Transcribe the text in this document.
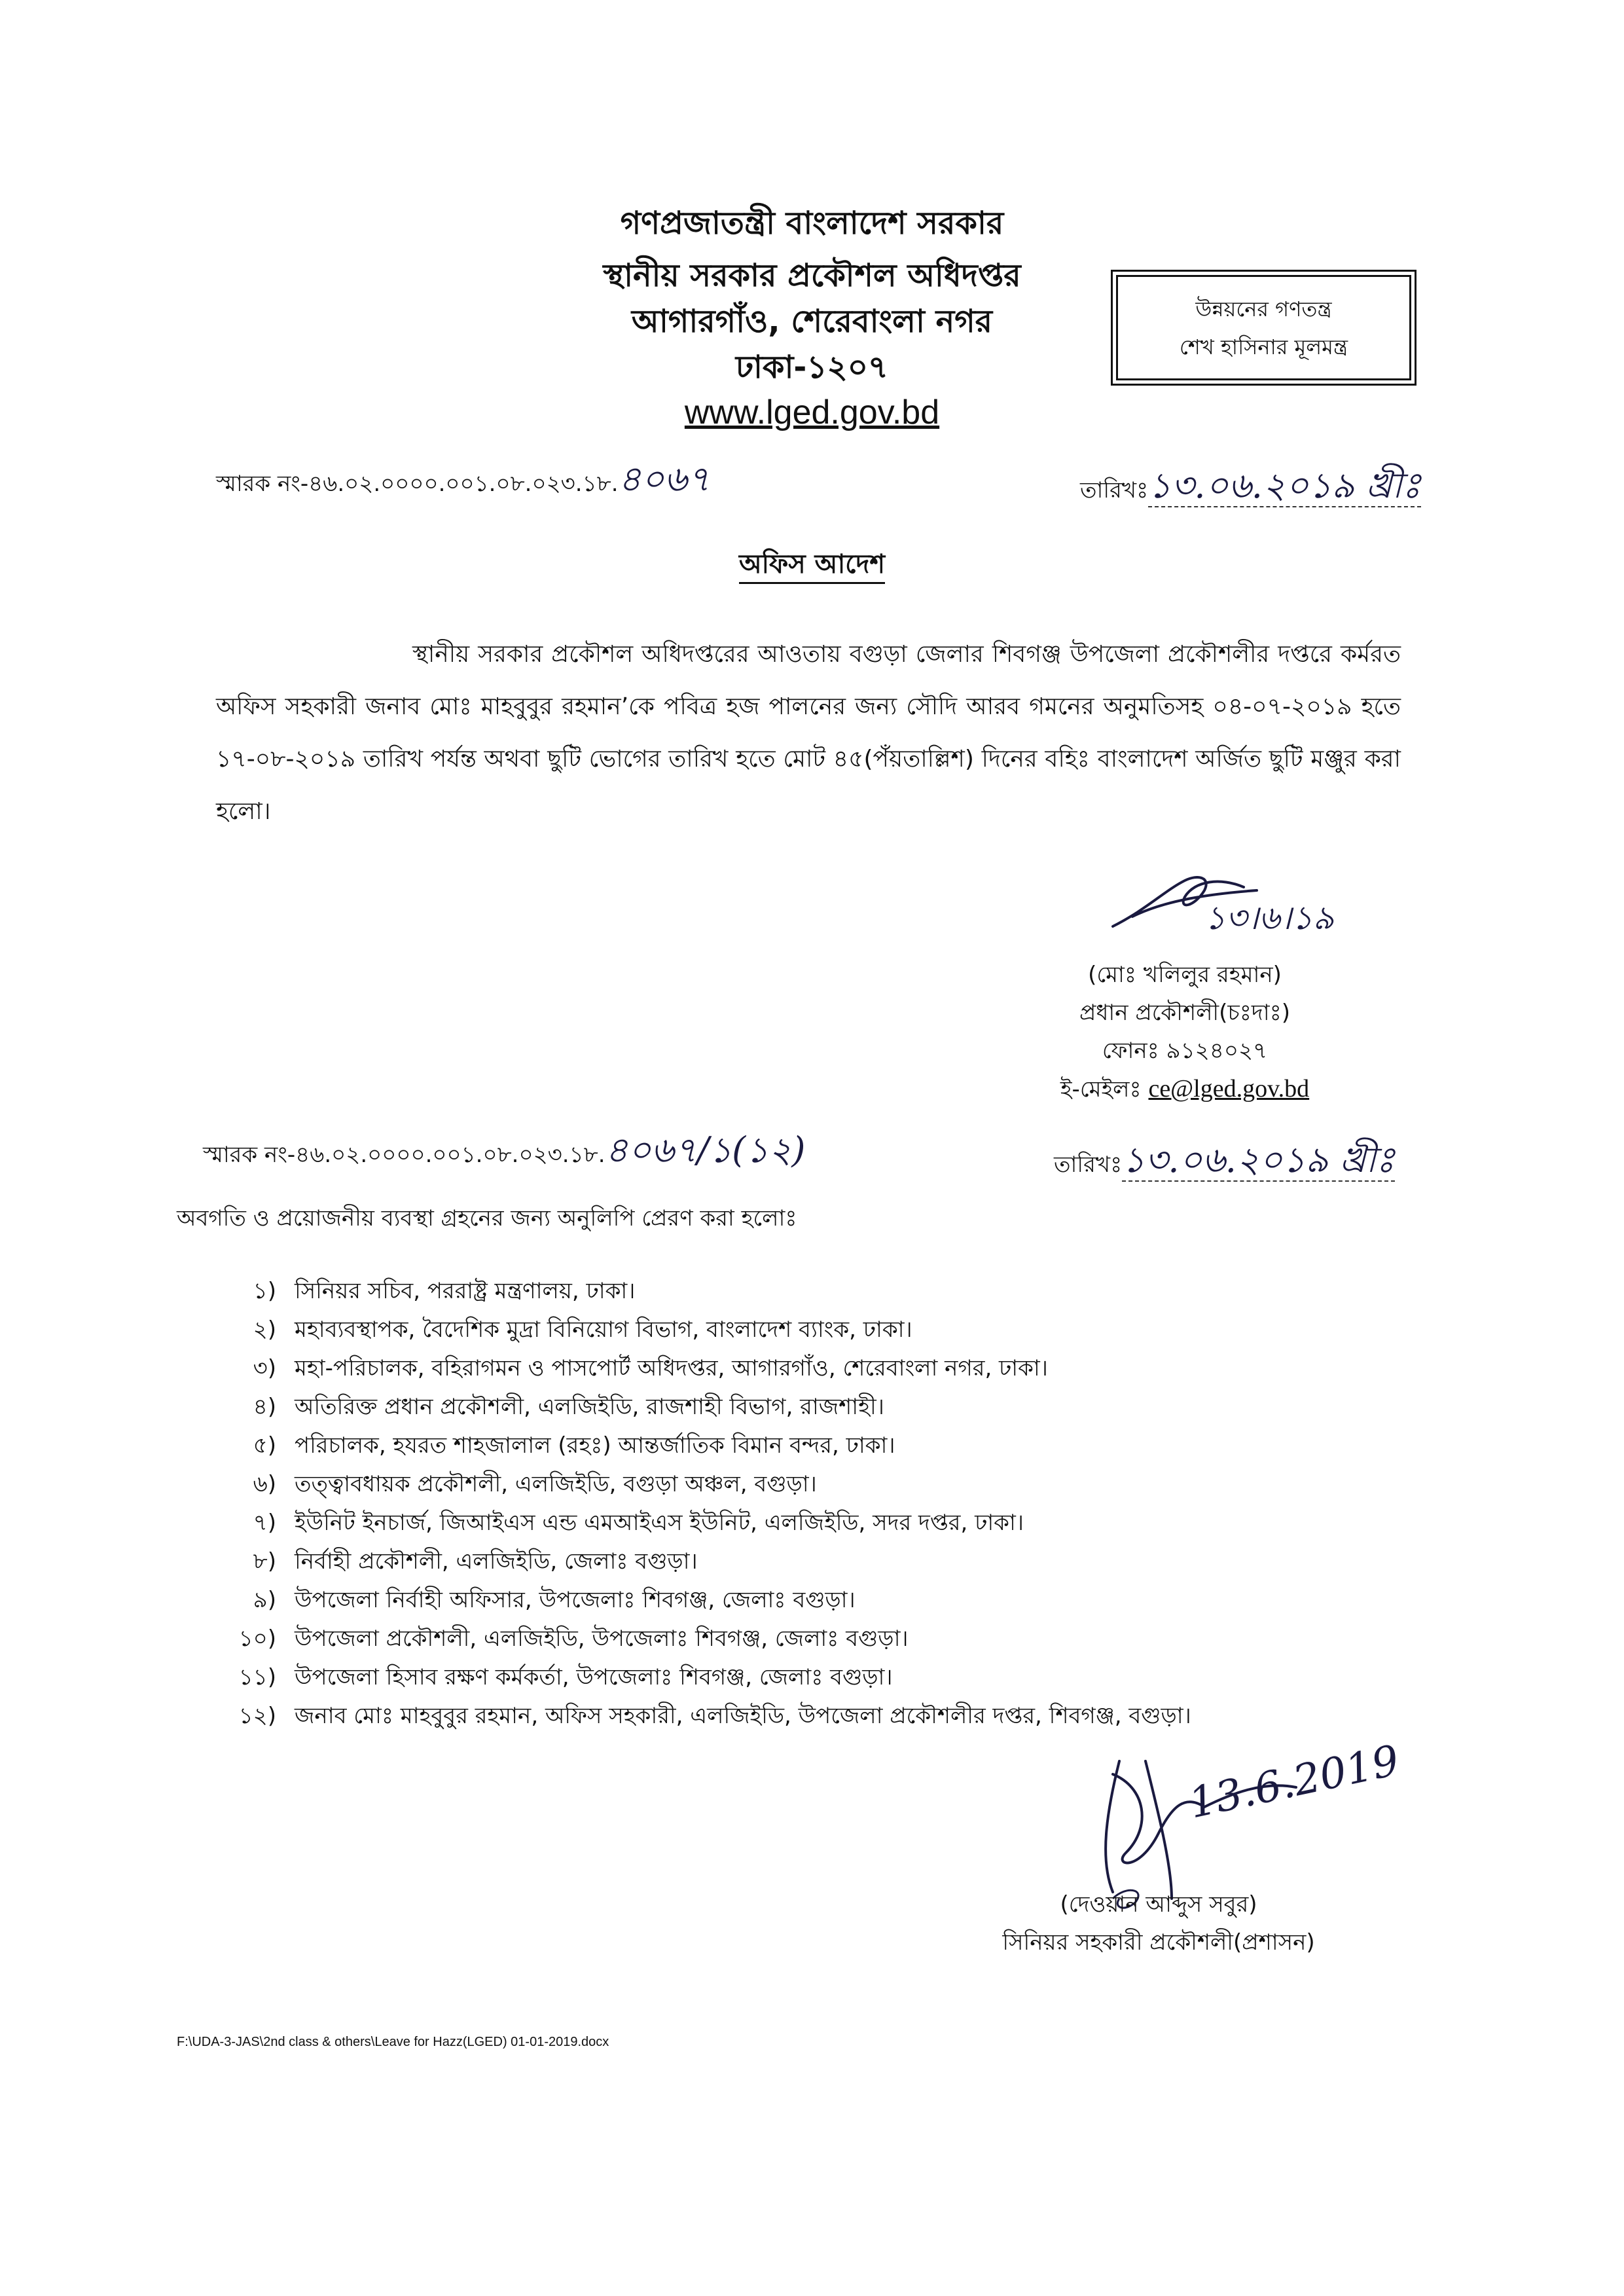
গণপ্রজাতন্ত্রী বাংলাদেশ সরকার
স্থানীয় সরকার প্রকৌশল অধিদপ্তর
আগারগাঁও, শেরেবাংলা নগর
ঢাকা-১২০৭
www.lged.gov.bd
উন্নয়নের গণতন্ত্র
শেখ হাসিনার মূলমন্ত্র
স্মারক নং-৪৬.০২.০০০০.০০১.০৮.০২৩.১৮.৪০৬৭	তারিখঃ১৩.০৬.২০১৯ খ্রীঃ
অফিস আদেশ
স্থানীয় সরকার প্রকৌশল অধিদপ্তরের আওতায় বগুড়া জেলার শিবগঞ্জ উপজেলা প্রকৌশলীর দপ্তরে কর্মরত অফিস সহকারী জনাব মোঃ মাহবুবুর রহমান’কে পবিত্র হজ পালনের জন্য সৌদি আরব গমনের অনুমতিসহ ০৪-০৭-২০১৯ হতে ১৭-০৮-২০১৯ তারিখ পর্যন্ত অথবা ছুটি ভোগের তারিখ হতে মোট ৪৫(পঁয়তাল্লিশ) দিনের বহিঃ বাংলাদেশ অর্জিত ছুটি মঞ্জুর করা হলো।
১৩।৬।১৯
(মোঃ খলিলুর রহমান)
প্রধান প্রকৌশলী(চঃদাঃ)
ফোনঃ ৯১২৪০২৭
ই-মেইলঃ ce@lged.gov.bd
স্মারক নং-৪৬.০২.০০০০.০০১.০৮.০২৩.১৮.৪০৬৭/১(১২)	তারিখঃ১৩.০৬.২০১৯ খ্রীঃ
অবগতি ও প্রয়োজনীয় ব্যবস্থা গ্রহনের জন্য অনুলিপি প্রেরণ করা হলোঃ
১) সিনিয়র সচিব, পররাষ্ট্র মন্ত্রণালয়, ঢাকা।
২) মহাব্যবস্থাপক, বৈদেশিক মুদ্রা বিনিয়োগ বিভাগ, বাংলাদেশ ব্যাংক, ঢাকা।
৩) মহা-পরিচালক, বহিরাগমন ও পাসপোর্ট অধিদপ্তর, আগারগাঁও, শেরেবাংলা নগর, ঢাকা।
৪) অতিরিক্ত প্রধান প্রকৌশলী, এলজিইডি, রাজশাহী বিভাগ, রাজশাহী।
৫) পরিচালক, হযরত শাহজালাল (রহঃ) আন্তর্জাতিক বিমান বন্দর, ঢাকা।
৬) তত্ত্বাবধায়ক প্রকৌশলী, এলজিইডি, বগুড়া অঞ্চল, বগুড়া।
৭) ইউনিট ইনচার্জ, জিআইএস এন্ড এমআইএস ইউনিট, এলজিইডি, সদর দপ্তর, ঢাকা।
৮) নির্বাহী প্রকৌশলী, এলজিইডি, জেলাঃ বগুড়া।
৯) উপজেলা নির্বাহী অফিসার, উপজেলাঃ শিবগঞ্জ, জেলাঃ বগুড়া।
১০) উপজেলা প্রকৌশলী, এলজিইডি, উপজেলাঃ শিবগঞ্জ, জেলাঃ বগুড়া।
১১) উপজেলা হিসাব রক্ষণ কর্মকর্তা, উপজেলাঃ শিবগঞ্জ, জেলাঃ বগুড়া।
১২) জনাব মোঃ মাহবুবুর রহমান, অফিস সহকারী, এলজিইডি, উপজেলা প্রকৌশলীর দপ্তর, শিবগঞ্জ, বগুড়া।
13.6.2019
(দেওয়ান আব্দুস সবুর)
সিনিয়র সহকারী প্রকৌশলী(প্রশাসন)
F:\UDA-3-JAS\2nd class & others\Leave for Hazz(LGED) 01-01-2019.docx
